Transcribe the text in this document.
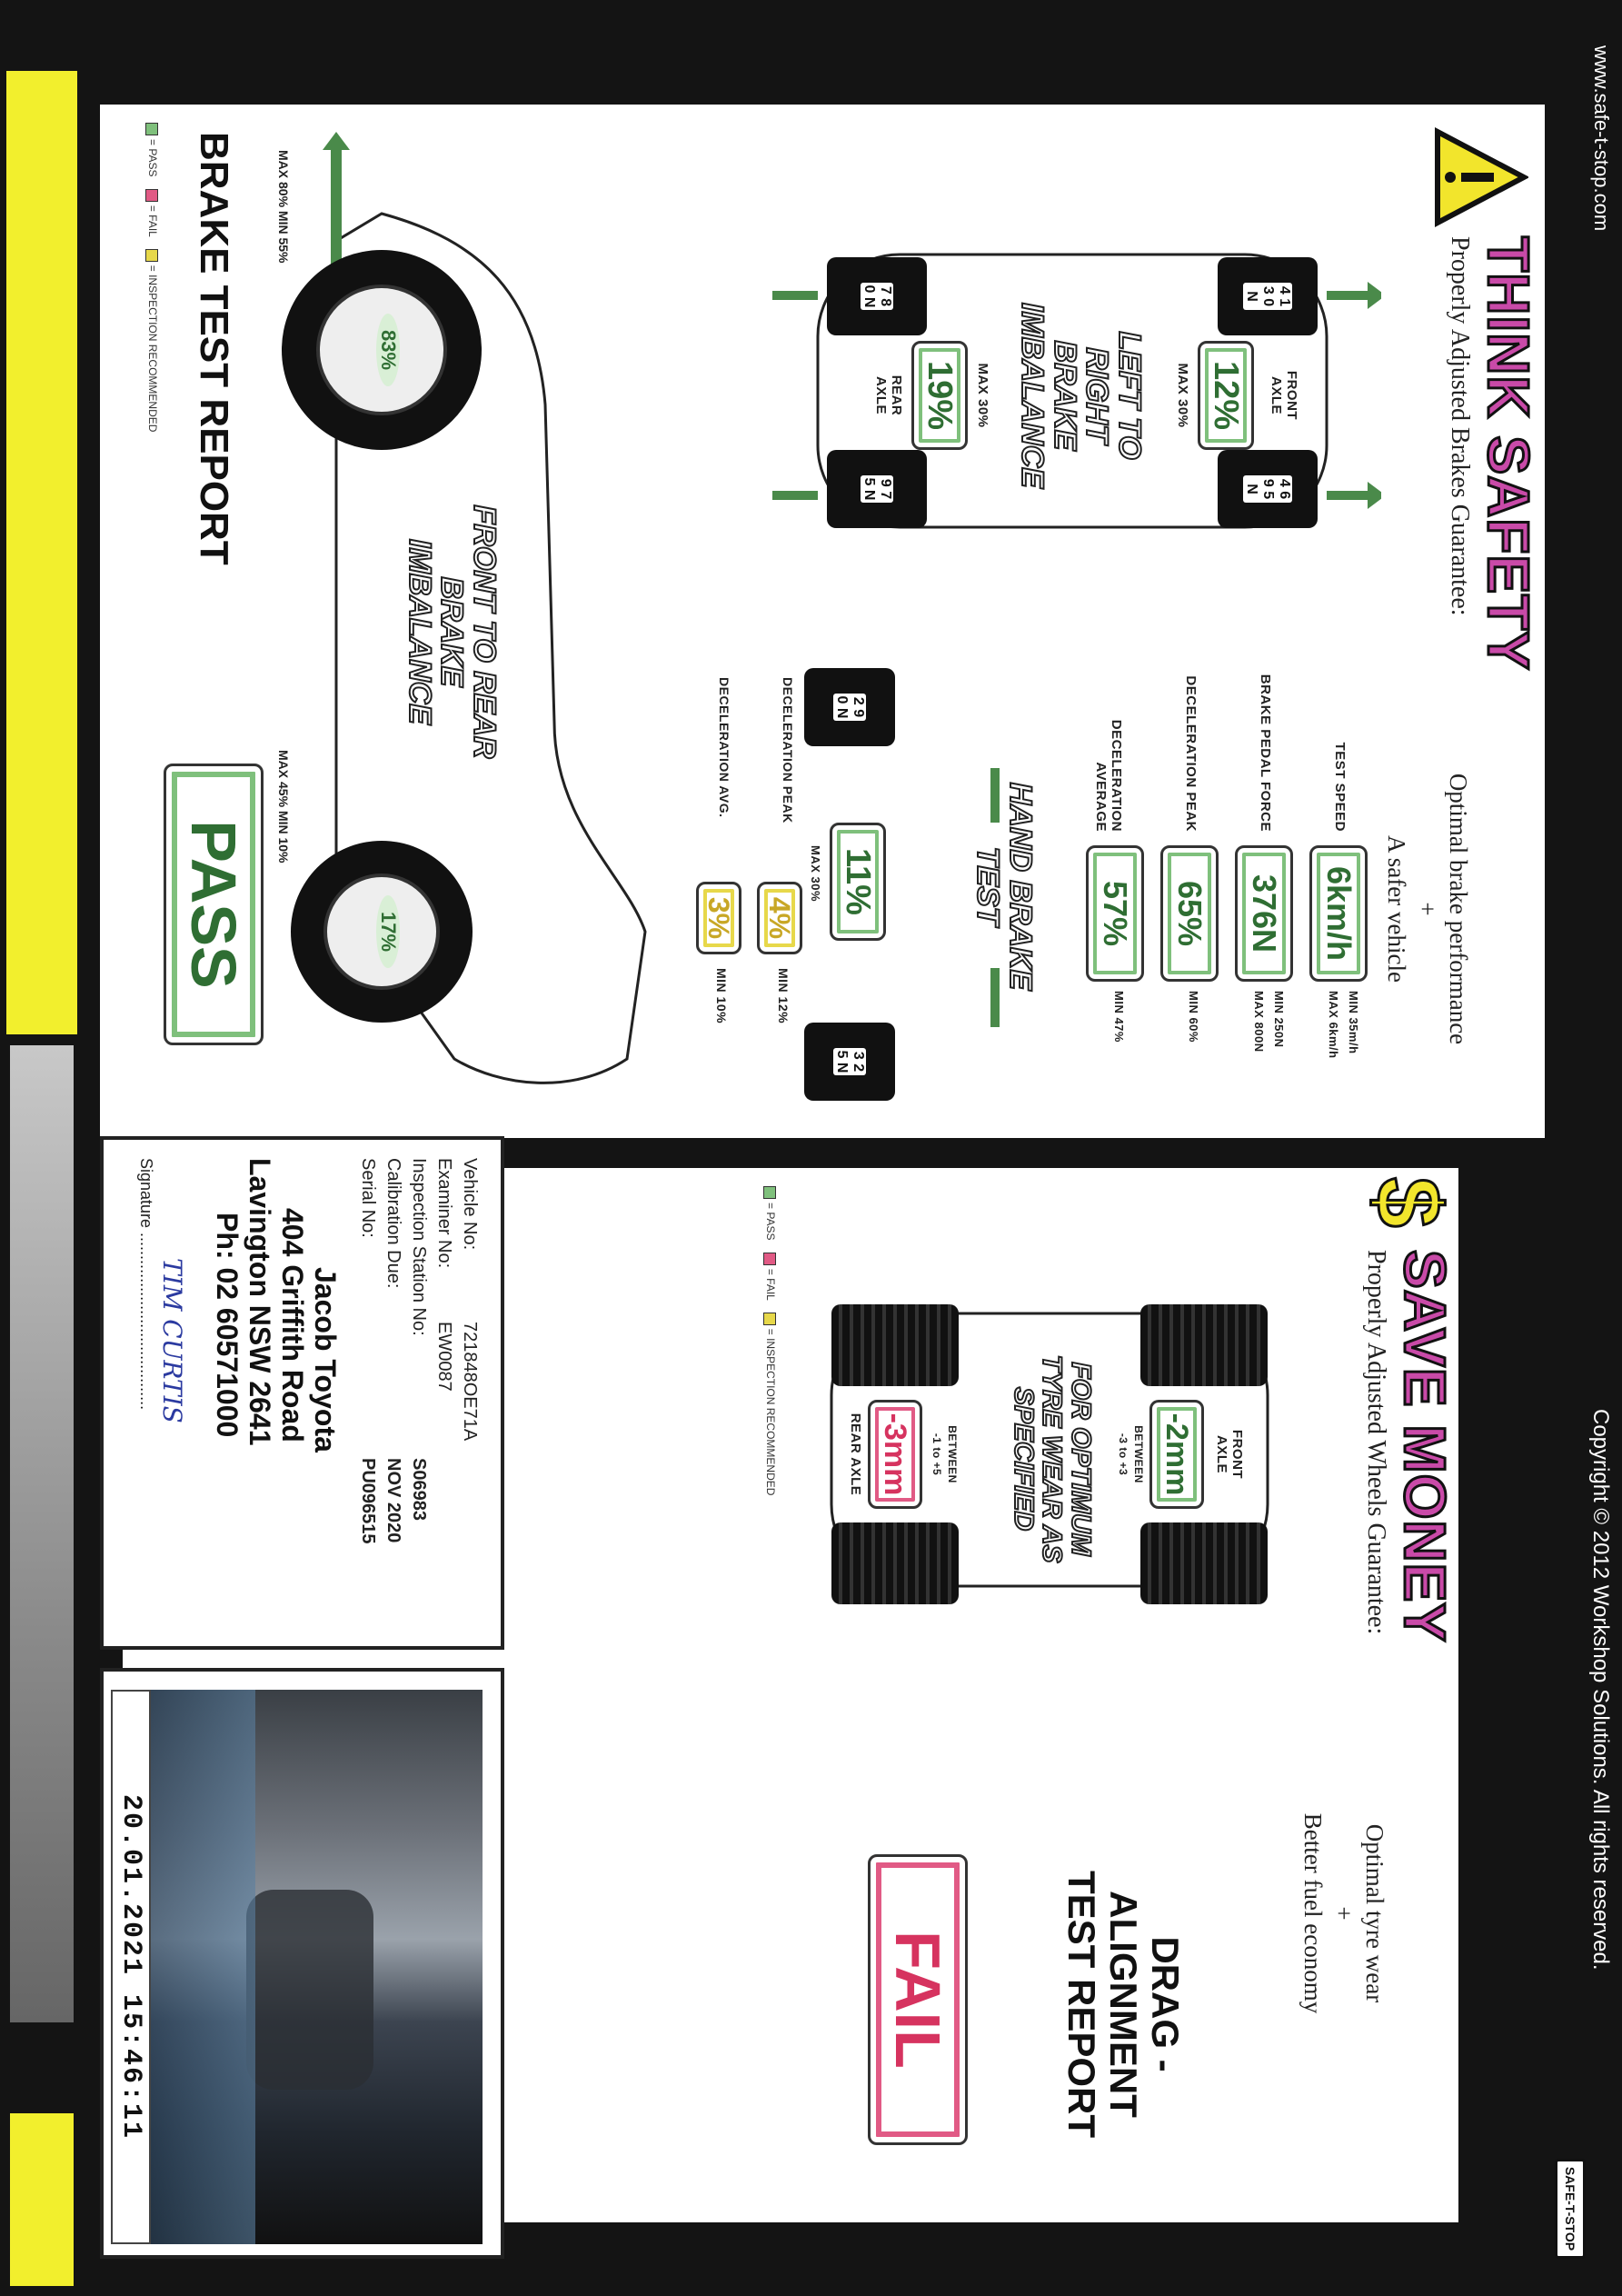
THINK SAFETY
Properly Adjusted Brakes Guarantee:
Optimal brake performance
+
A safer vehicle
4 1 3 0 N
4 6 9 5 N
7 8 0 N
9 7 5 N
FRONT AXLE
12%
MAX 30%
LEFT TO RIGHT BRAKE IMBALANCE
MAX 30%
19%
REAR AXLE
TEST SPEED
6km/h
MIN 35m/h
MAX 6km/h
BRAKE PEDAL FORCE
376N
MIN 250N
MAX 800N
DECELERATION PEAK
65%
MIN 60%
DECELERATION AVERAGE
57%
MIN 47%
2 9 0 N
3 2 5 N
HAND BRAKE TEST
11%
MAX 30%
DECELERATION PEAK
4%
MIN 12%
DECELERATION AVG.
3%
MIN 10%
MAX 80% MIN 55%
83%
17%
MAX 45% MIN 10%
FRONT TO REAR BRAKE IMBALANCE
BRAKE TEST REPORT
PASS
= PASS = FAIL = INSPECTION RECOMMENDED
$
SAVE MONEY
Properly Adjusted Wheels Guarantee:
Optimal tyre wear
+
Better fuel economy
FRONT AXLE
-2mm
BETWEEN
-3 to +3
FOR OPTIMUM TYRE WEAR AS SPECIFIED
BETWEEN
-1 to +5
-3mm
REAR AXLE
DRAG -
ALIGNMENT
TEST REPORT
FAIL
= PASS = FAIL = INSPECTION RECOMMENDED
Vehicle No:
721848OE71A
Examiner No:
EW0087
Inspection Station No:
S06983
Calibration Due:
NOV 2020
Serial No:
PU096515
Jacob Toyota
404 Griffith Road
Lavington NSW 2641
Ph: 02 60571000
Signature ....................................... TIM CURTIS
20.01.2021 15:46:11
SAFE-T-STOP
www.safe-t-stop.com
Copyright © 2012 Workshop Solutions. All rights reserved.
